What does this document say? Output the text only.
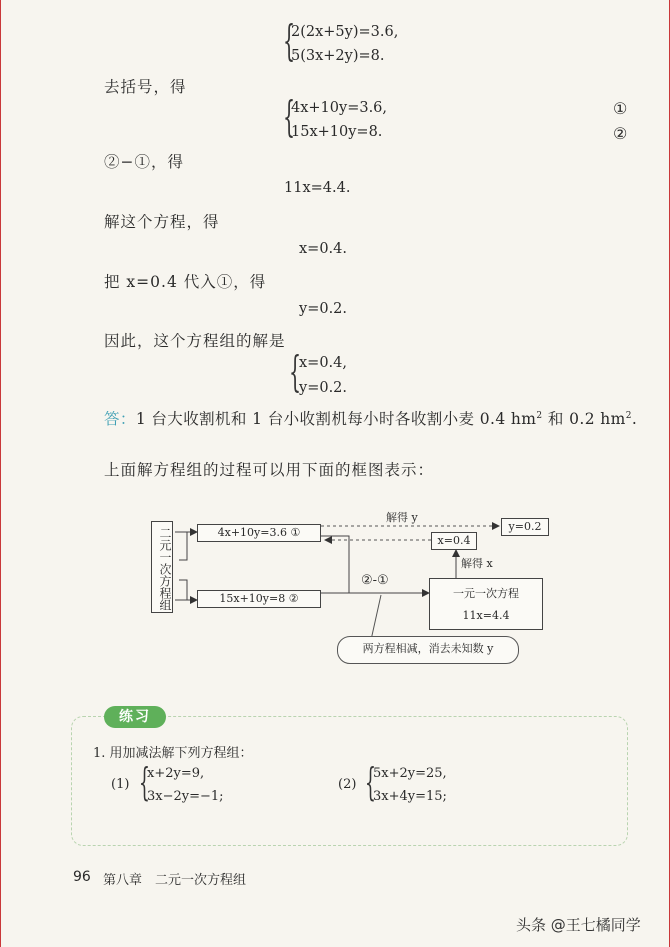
{
2(2x+5y)=3.6,
5(3x+2y)=8.
去括号，得
{
4x+10y=3.6,
15x+10y=8.
①
②
②−①，得
11x=4.4.
解这个方程，得
x=0.4.
把 x=0.4 代入①，得
y=0.2.
因此，这个方程组的解是
{
x=0.4,
y=0.2.
答：1 台大收割机和 1 台小收割机每小时各收割小麦 0.4 $hm^2$ 和 0.2 $hm^2$.
上面解方程组的过程可以用下面的框图表示：
二元一次方程组	4x+10y=3.6 ①
15x+10y=8 ②
解得 y
y=0.2
x=0.4
解得 x
②-①
一元一次方程
11x=4.4
两方程相减，消去未知数 y
练习
1. 用加减法解下列方程组：
(1) {
x+2y=9,
3x−2y=−1;
(2) {
5x+2y=25,
3x+4y=15;
96 第八章　二元一次方程组
头条 @王七橘同学
